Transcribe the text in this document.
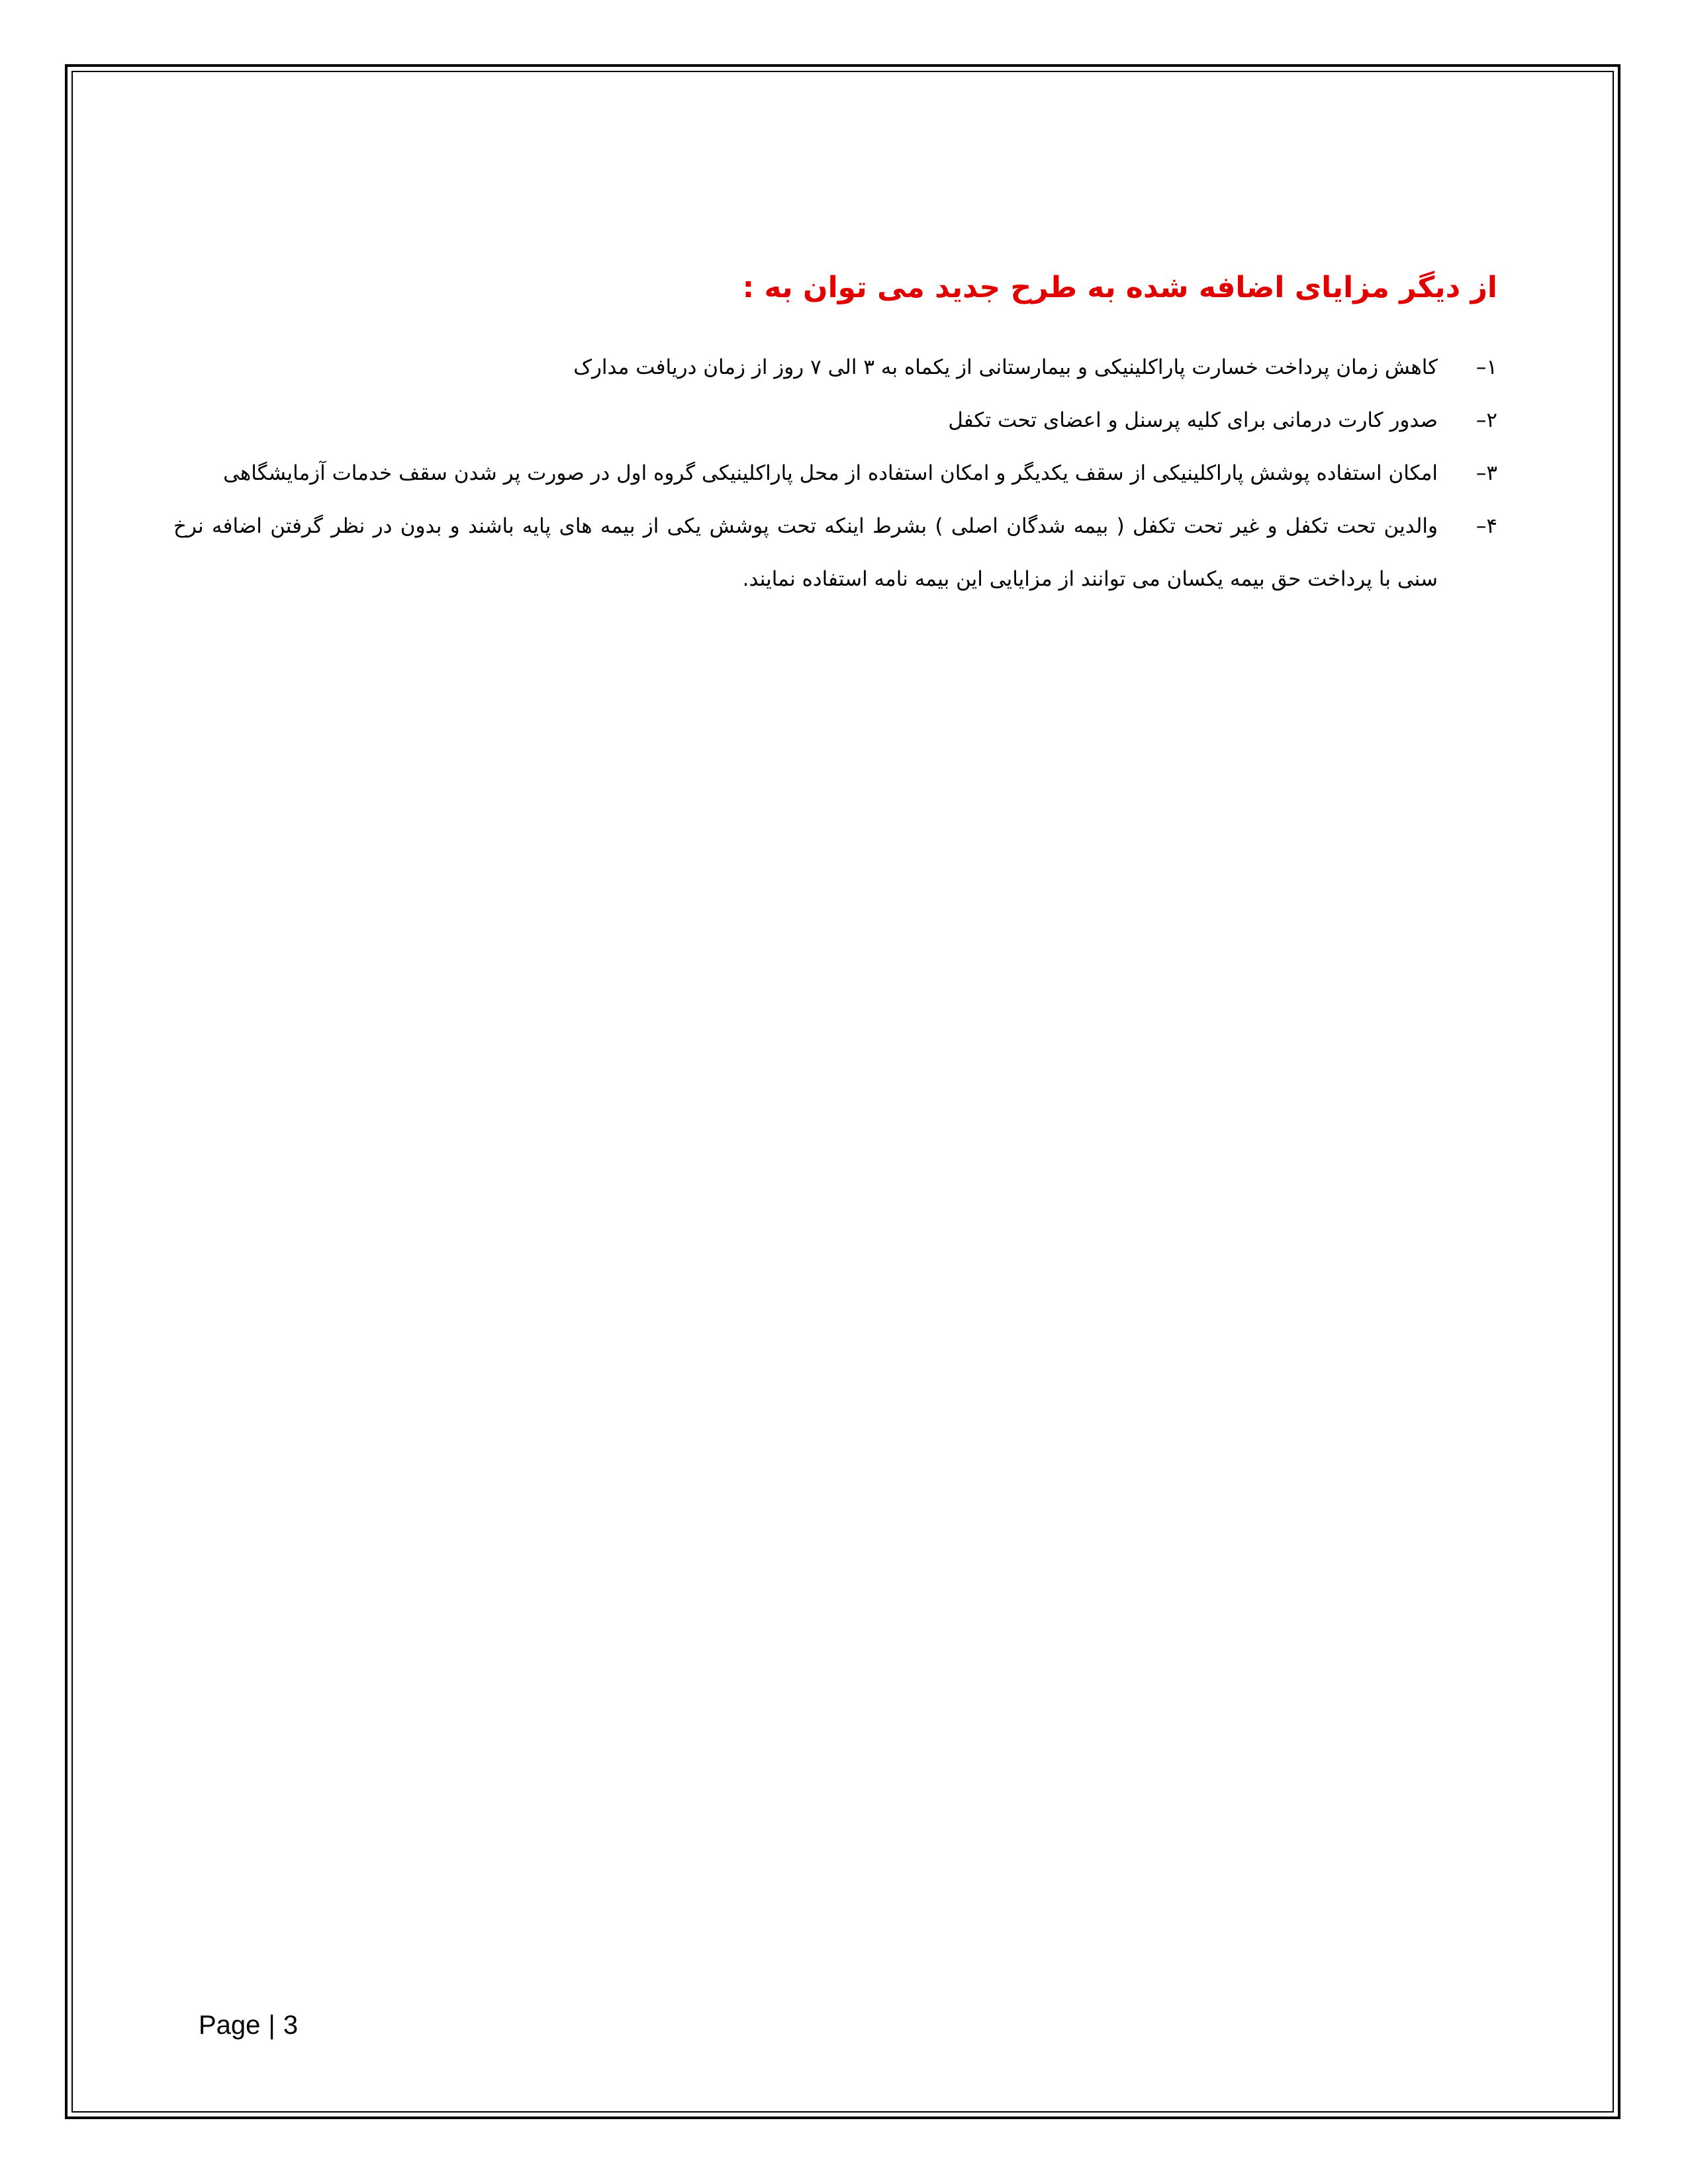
از دیگر مزایای اضافه شده به طرح جدید می توان به :
۱–
کاهش زمان پرداخت خسارت پاراکلینیکی و بیمارستانی از یکماه به ۳ الی ۷ روز از زمان دریافت مدارک
۲–
صدور کارت درمانی برای کلیه پرسنل و اعضای تحت تکفل
۳–
امکان استفاده پوشش پاراکلینیکی از سقف یکدیگر و امکان استفاده از محل پاراکلینیکی گروه اول در صورت پر شدن سقف خدمات آزمایشگاهی
۴–
والدین تحت تکفل و غیر تحت تکفل ( بیمه شدگان اصلی ) بشرط اینکه تحت پوشش یکی از بیمه های پایه باشند و بدون در نظر گرفتن اضافه نرخ سنی با پرداخت حق بیمه یکسان می توانند از مزایایی این بیمه نامه استفاده نمایند.
Page | 3
